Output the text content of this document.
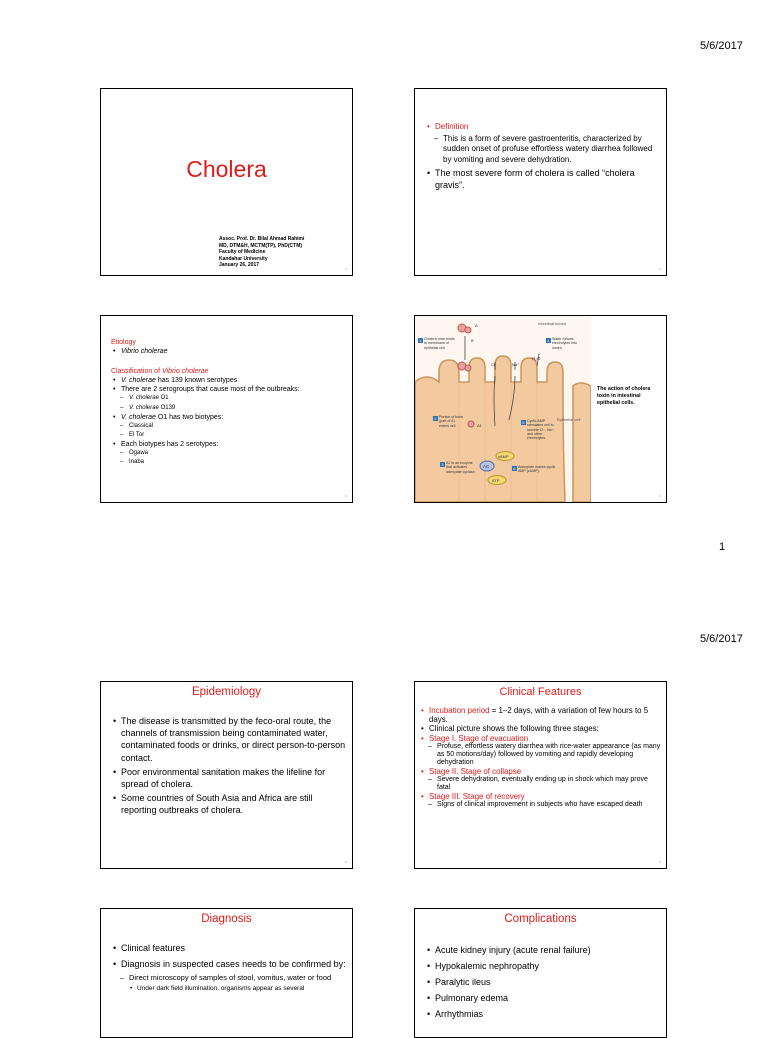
5/6/2017
Cholera
Assoc. Prof. Dr. Bilal Ahmad Rahimi
MD, DTM&H, MCTM(TP), PhD(CTM)
Faculty of Medicine
Kandahar University
January 26, 2017
1
• Definition
– This is a form of severe gastroenteritis, characterized by sudden onset of profuse effortless watery diarrhea followed by vomiting and severe dehydration.
• The most severe form of cholera is called “cholera gravis”.
2
Etiology
• Vibrio cholerae
Classification of Vibrio cholerae
• V. cholerae has 139 known serotypes
• There are 2 serogroups that cause most of the outbreaks:
– V. cholerae O1
– V. cholerae O139
• V. cholerae O1 has two biotypes:
– Classical
– El Tor
• Each biotypes has 2 serotypes:
– Ogawa
– Inaba
3
A
B
Intestinal lumen
Cl⁻	Na⁺
H₂O
Epithelial cell
A1
cAMP
AC
ATP
1
2
3
4
5
6
Cholera toxin binds to membrane of epithelial cell.
Portion of toxin (part of A) enters cell.
A1 is an enzyme that activates adenylate cyclase.
Water follows electrolytes into lumen.
Cyclic AMP stimulates cell to secrete Cl⁻, Na⁺, and other electrolytes.
Adenylate makes cyclic AMP (cAMP).
The action of cholera toxin in intestinal epithelial cells.
4
1
5/6/2017
Epidemiology
• The disease is transmitted by the feco-oral route, the channels of transmission being contaminated water, contaminated foods or drinks, or direct person-to-person contact.
• Poor environmental sanitation makes the lifeline for spread of cholera.
• Some countries of South Asia and Africa are still reporting outbreaks of cholera.
5
Clinical Features
• Incubation period = 1–2 days, with a variation of few hours to 5 days.
• Clinical picture shows the following three stages:
• Stage I. Stage of evacuation
– Profuse, effortless watery diarrhea with rice-water appearance (as many as 50 motions/day) followed by vomiting and rapidly developing dehydration
• Stage II. Stage of collapse
– Severe dehydration, eventually ending up in shock which may prove fatal
• Stage III. Stage of recovery
– Signs of clinical improvement in subjects who have escaped death
6
Diagnosis
• Clinical features
• Diagnosis in suspected cases needs to be confirmed by:
– Direct microscopy of samples of stool, vomitus, water or food
• Under dark field illumination, organisms appear as several
Complications
• Acute kidney injury (acute renal failure)
• Hypokalemic nephropathy
• Paralytic ileus
• Pulmonary edema
• Arrhythmias
